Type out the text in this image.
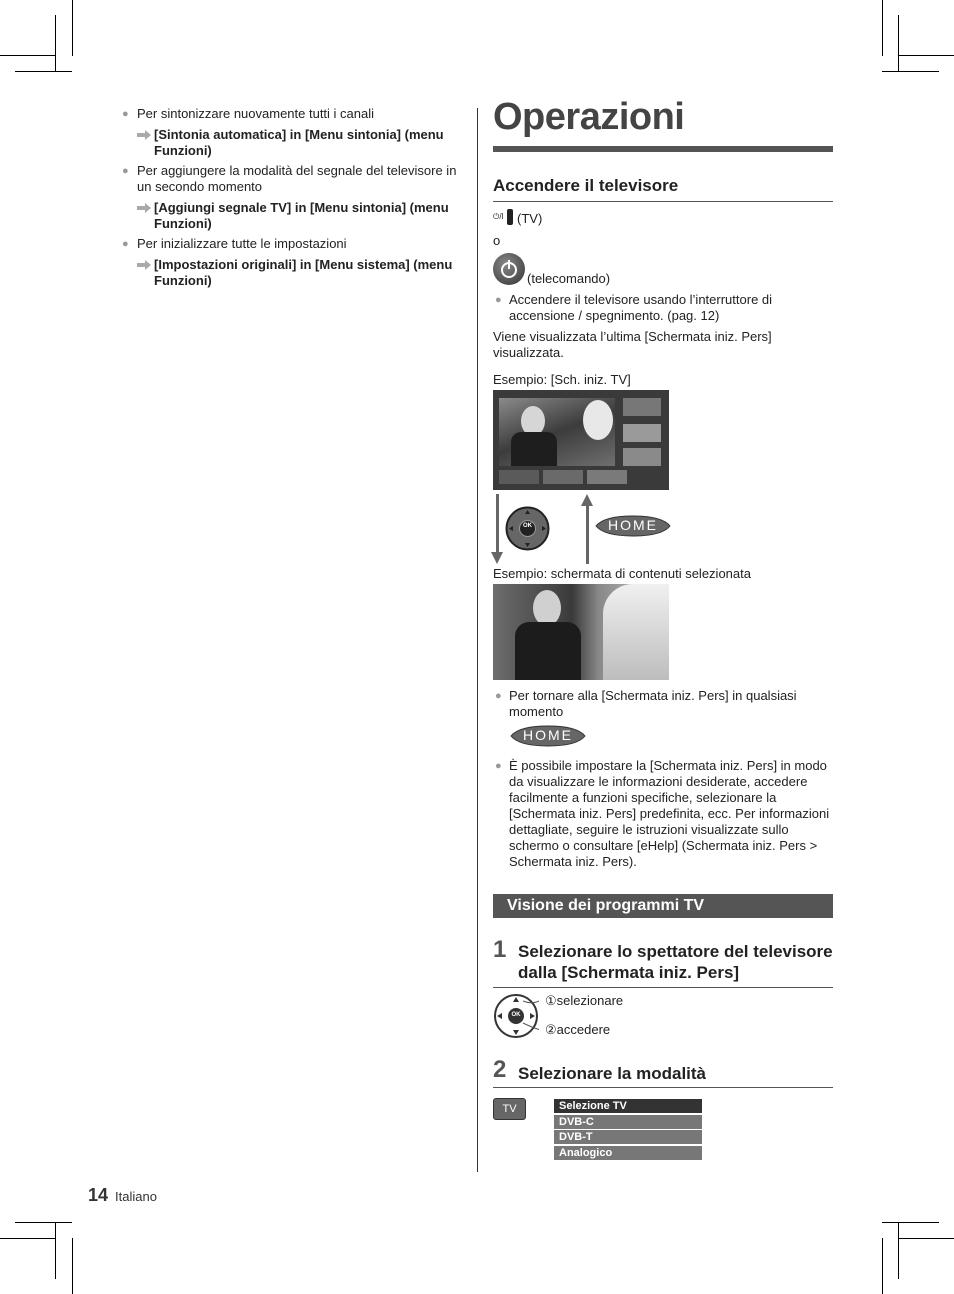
● Per sintonizzare nuovamente tutti i canali
[Sintonia automatica] in [Menu sintonia] (menu Funzioni)
● Per aggiungere la modalità del segnale del televisore in un secondo momento
[Aggiungi segnale TV] in [Menu sintonia] (menu Funzioni)
● Per inizializzare tutte le impostazioni
[Impostazioni originali] in [Menu sistema] (menu Funzioni)
Operazioni
Accendere il televisore
$^{⏻/I}$ (TV)
o
(telecomando)
● Accendere il televisore usando l’interruttore di accensione / spegnimento. (pag. 12)
Viene visualizzata l’ultima [Schermata iniz. Pers] visualizzata.
Esempio: [Sch. iniz. TV]
OK	HOME
Esempio: schermata di contenuti selezionata
● Per tornare alla [Schermata iniz. Pers] in qualsiasi momento
HOME
● È possibile impostare la [Schermata iniz. Pers] in modo da visualizzare le informazioni desiderate, accedere facilmente a funzioni specifiche, selezionare la [Schermata iniz. Pers] predefinita, ecc. Per informazioni dettagliate, seguire le istruzioni visualizzate sullo schermo o consultare [eHelp] (Schermata iniz. Pers > Schermata iniz. Pers).
Visione dei programmi TV
1 Selezionare lo spettatore del televisore dalla [Schermata iniz. Pers]
OK
①selezionare
②accedere
2 Selezionare la modalità
TV	Selezione TV
DVB-C
DVB-T
Analogico
14 Italiano
